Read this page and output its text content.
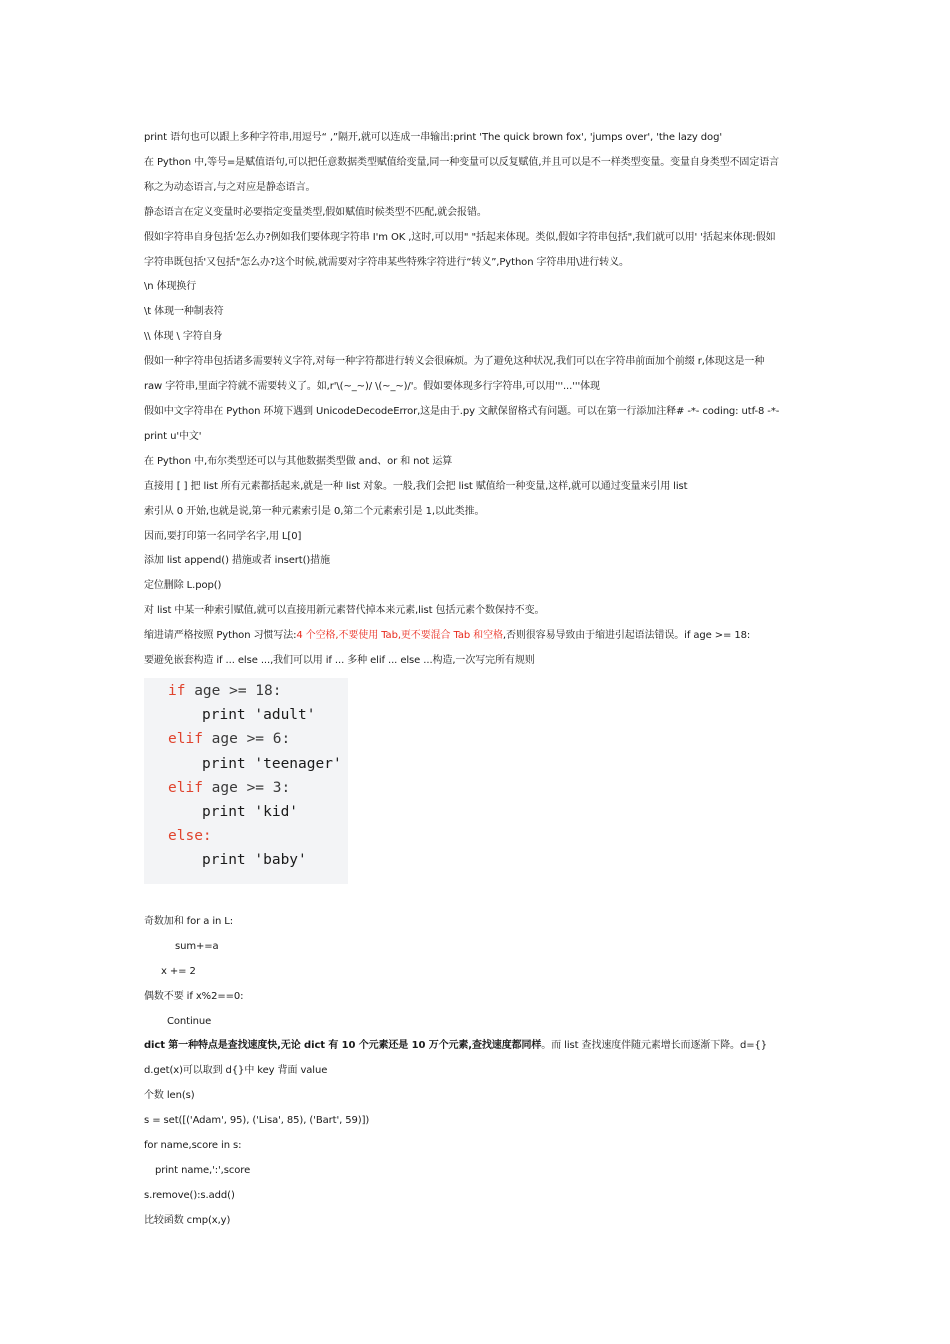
print 语句也可以跟上多种字符串,用逗号“ ,”隔开,就可以连成一串输出:print 'The quick brown fox', 'jumps over', 'the lazy dog'
在 Python 中,等号=是赋值语句,可以把任意数据类型赋值给变量,同一种变量可以反复赋值,并且可以是不一样类型变量。变量自身类型不固定语言
称之为动态语言,与之对应是静态语言。
静态语言在定义变量时必要指定变量类型,假如赋值时候类型不匹配,就会报错。
假如字符串自身包括'怎么办?例如我们要体现字符串 I'm OK ,这时,可以用" "括起来体现。类似,假如字符串包括",我们就可以用' '括起来体现:假如
字符串既包括'又包括"怎么办?这个时候,就需要对字符串某些特殊字符进行“转义”,Python 字符串用\进行转义。
\n 体现换行
\t 体现一种制表符
\\ 体现 \ 字符自身
假如一种字符串包括诸多需要转义字符,对每一种字符都进行转义会很麻烦。为了避免这种状况,我们可以在字符串前面加个前缀 r,体现这是一种
raw 字符串,里面字符就不需要转义了。如,r'\(~_~)/ \(~_~)/'。假如要体现多行字符串,可以用'''...'''体现
假如中文字符串在 Python 环境下遇到 UnicodeDecodeError,这是由于.py 文献保留格式有问题。可以在第一行添加注释# -*- coding: utf-8 -*-
print u'中文'
在 Python 中,布尔类型还可以与其他数据类型做 and、or 和 not 运算
直接用 [ ] 把 list 所有元素都括起来,就是一种 list 对象。一般,我们会把 list 赋值给一种变量,这样,就可以通过变量来引用 list
索引从 0 开始,也就是说,第一种元素索引是 0,第二个元素索引是 1,以此类推。
因而,要打印第一名同学名字,用 L[0]
添加 list append() 措施或者 insert()措施
定位删除 L.pop()
对 list 中某一种索引赋值,就可以直接用新元素替代掉本来元素,list 包括元素个数保持不变。
缩进请严格按照 Python 习惯写法:4 个空格,不要使用 Tab,更不要混合 Tab 和空格,否则很容易导致由于缩进引起语法错误。if age >= 18:
要避免嵌套构造 if ... else ...,我们可以用 if ... 多种 elif ... else ...构造,一次写完所有规则
if age >= 18:
print 'adult'
elif age >= 6:
print 'teenager'
elif age >= 3:
print 'kid'
else:
print 'baby'
奇数加和 for a in L:
sum+=a
x += 2
偶数不要 if x%2==0:
Continue
dict 第一种特点是查找速度快,无论 dict 有 10 个元素还是 10 万个元素,查找速度都同样。而 list 查找速度伴随元素增长而逐渐下降。d={}
d.get(x)可以取到 d{}中 key 背面 value
个数 len(s)
s = set([('Adam', 95), ('Lisa', 85), ('Bart', 59)])
for name,score in s:
print name,':',score
s.remove():s.add()
比较函数 cmp(x,y)
